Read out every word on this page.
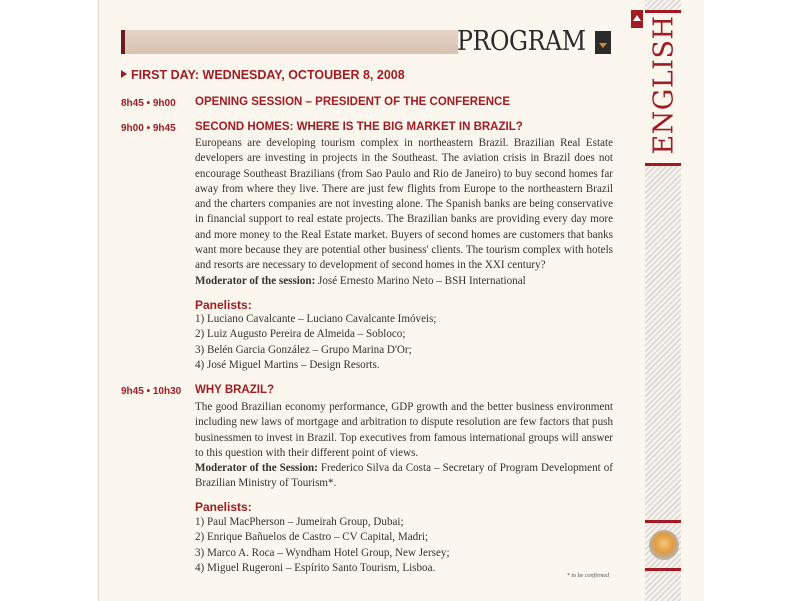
PROGRAM ENGLISH
FIRST DAY: WEDNESDAY, OCTOUBER 8, 2008
8h45 • 9h00	OPENING SESSION – PRESIDENT OF THE CONFERENCE
9h00 • 9h45	SECOND HOMES: WHERE IS THE BIG MARKET IN BRAZIL?
Europeans are developing tourism complex in northeastern Brazil. Brazilian Real Estate developers are investing in projects in the Southeast. The aviation crisis in Brazil does not encourage Southeast Brazilians (from Sao Paulo and Rio de Janeiro) to buy second homes far away from where they live. There are just few flights from Europe to the northeastern Brazil and the charters companies are not investing alone. The Spanish banks are being conservative in financial support to real estate projects. The Brazilian banks are providing every day more and more money to the Real Estate market. Buyers of second homes are customers that banks want more because they are potential other business' clients. The tourism complex with hotels and resorts are necessary to development of second homes in the XXI century?
Moderator of the session: José Ernesto Marino Neto – BSH International
Panelists:
1) Luciano Cavalcante – Luciano Cavalcante Imóveis;
2) Luiz Augusto Pereira de Almeida – Sobloco;
3) Belén Garcia González – Grupo Marina D'Or;
4) José Miguel Martins – Design Resorts.
9h45 • 10h30	WHY BRAZIL?
The good Brazilian economy performance, GDP growth and the better business environment including new laws of mortgage and arbitration to dispute resolution are few factors that push businessmen to invest in Brazil. Top executives from famous international groups will answer to this question with their different point of views.
Moderator of the Session: Frederico Silva da Costa – Secretary of Program Development of Brazilian Ministry of Tourism*.
Panelists:
1) Paul MacPherson – Jumeirah Group, Dubai;
2) Enrique Bañuelos de Castro – CV Capital, Madri;
3) Marco A. Roca – Wyndham Hotel Group, New Jersey;
4) Miguel Rugeroni – Espírito Santo Tourism, Lisboa.
* to be confirmed
